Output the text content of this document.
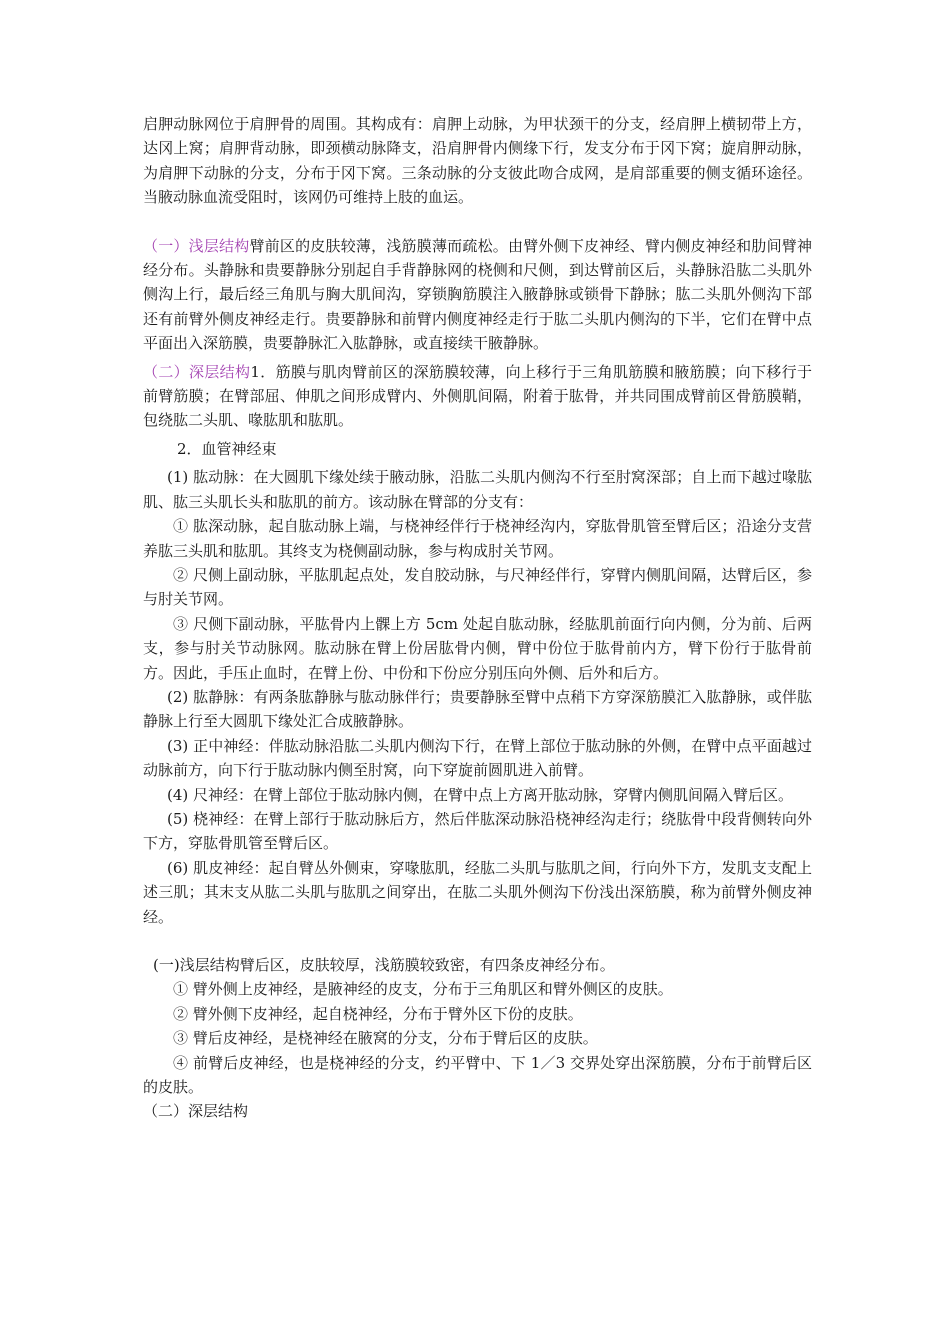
启胛动脉网位于肩胛骨的周围。其构成有：肩胛上动脉，为甲状颈干的分支，经肩胛上横韧带上方，达冈上窝；肩胛背动脉，即颈横动脉降支，沿肩胛骨内侧缘下行，发支分布于冈下窝；旋肩胛动脉，为肩胛下动脉的分支，分布于冈下窝。三条动脉的分支彼此吻合成网，是肩部重要的侧支循环途径。当腋动脉血流受阻时，该网仍可维持上肢的血运。

（一）浅层结构臂前区的皮肤较薄，浅筋膜薄而疏松。由臂外侧下皮神经、臂内侧皮神经和肋间臂神经分布。头静脉和贵要静脉分别起自手背静脉网的桡侧和尺侧，到达臂前区后，头静脉沿肱二头肌外侧沟上行，最后经三角肌与胸大肌间沟，穿锁胸筋膜注入腋静脉或锁骨下静脉；肱二头肌外侧沟下部还有前臂外侧皮神经走行。贵要静脉和前臂内侧度神经走行于肱二头肌内侧沟的下半，它们在臂中点平面出入深筋膜，贵要静脉汇入肱静脉，或直接续干腋静脉。

（二）深层结构1．筋膜与肌肉臂前区的深筋膜较薄，向上移行于三角肌筋膜和腋筋膜；向下移行于前臂筋膜；在臂部屈、伸肌之间形成臂内、外侧肌间隔，附着于肱骨，并共同围成臂前区骨筋膜鞘，包绕肱二头肌、喙肱肌和肱肌。

2．血管神经束

(1) 肱动脉：在大圆肌下缘处续于腋动脉，沿肱二头肌内侧沟不行至肘窝深部；自上而下越过喙肱肌、肱三头肌长头和肱肌的前方。该动脉在臂部的分支有：

① 肱深动脉，起自肱动脉上端，与桡神经伴行于桡神经沟内，穿肱骨肌管至臂后区；沿途分支营养肱三头肌和肱肌。其终支为桡侧副动脉，参与构成肘关节网。

② 尺侧上副动脉，平肱肌起点处，发自胶动脉，与尺神经伴行，穿臂内侧肌间隔，达臂后区，参与肘关节网。

③ 尺侧下副动脉，平肱骨内上髁上方 5cm 处起自肱动脉，经肱肌前面行向内侧，分为前、后两支，参与肘关节动脉网。肱动脉在臂上份居肱骨内侧，臂中份位于肱骨前内方，臂下份行于肱骨前方。因此，手压止血时，在臂上份、中份和下份应分别压向外侧、后外和后方。

(2) 肱静脉：有两条肱静脉与肱动脉伴行；贵要静脉至臂中点稍下方穿深筋膜汇入肱静脉，或伴肱静脉上行至大圆肌下缘处汇合成腋静脉。

(3) 正中神经：伴肱动脉沿肱二头肌内侧沟下行，在臂上部位于肱动脉的外侧，在臂中点平面越过动脉前方，向下行于肱动脉内侧至肘窝，向下穿旋前圆肌进入前臂。

(4) 尺神经：在臂上部位于肱动脉内侧，在臂中点上方离开肱动脉，穿臂内侧肌间隔入臂后区。

(5) 桡神经：在臂上部行于肱动脉后方，然后伴肱深动脉沿桡神经沟走行；绕肱骨中段背侧转向外下方，穿肱骨肌管至臂后区。

(6) 肌皮神经：起自臂丛外侧束，穿喙肱肌，经肱二头肌与肱肌之间，行向外下方，发肌支支配上述三肌；其末支从肱二头肌与肱肌之间穿出，在肱二头肌外侧沟下份浅出深筋膜，称为前臂外侧皮神经。

(一)浅层结构臂后区，皮肤较厚，浅筋膜较致密，有四条皮神经分布。

① 臂外侧上皮神经，是腋神经的皮支，分布于三角肌区和臂外侧区的皮肤。

② 臂外侧下皮神经，起自桡神经，分布于臂外区下份的皮肤。

③ 臂后皮神经，是桡神经在腋窝的分支，分布于臂后区的皮肤。

④ 前臂后皮神经，也是桡神经的分支，约平臂中、下 1／3 交界处穿出深筋膜，分布于前臂后区的皮肤。

（二）深层结构
